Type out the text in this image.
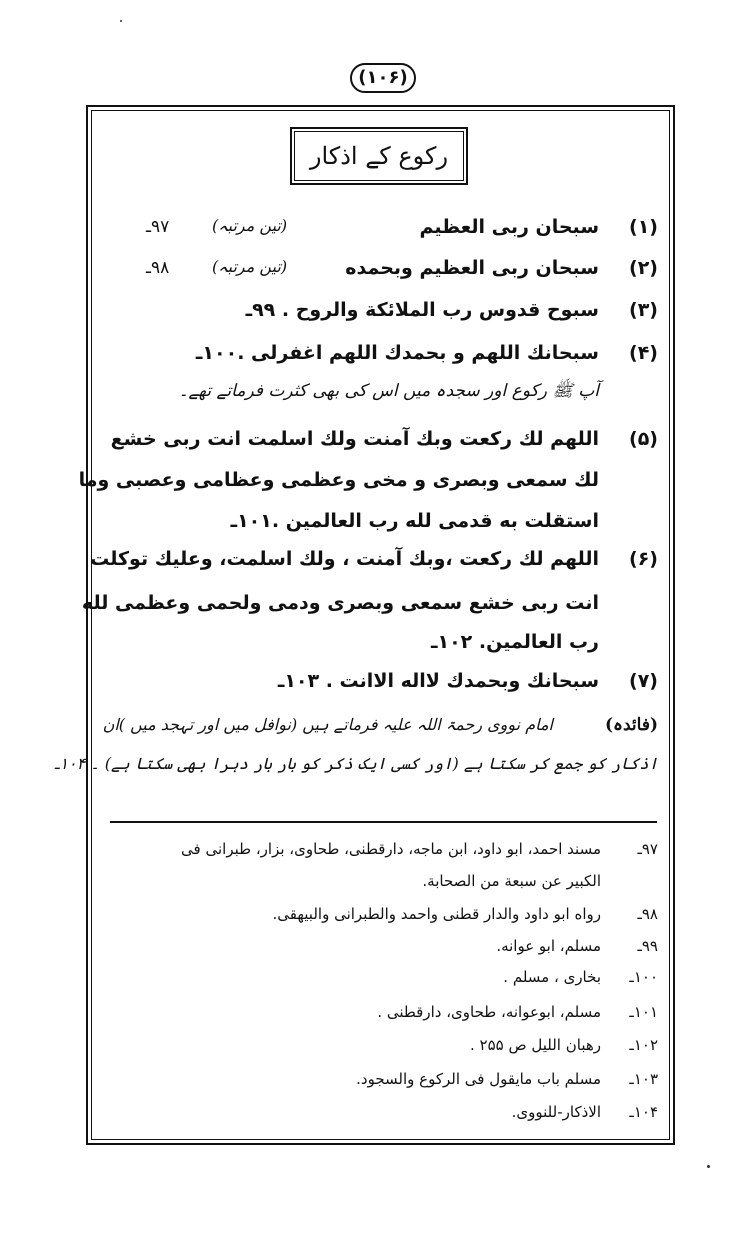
(۱۰۶)
رکوع کے اذکار
(۱)
سبحان ربی العظیم
(تین مرتبہ)
۹۷ـ
(۲)
سبحان ربی العظیم وبحمده
(تین مرتبہ)
۹۸ـ
(۳)
سبوح قدوس رب الملائكة والروح . ۹۹ـ
(۴)
سبحانك اللهم و بحمدك اللهم اغفرلی .۱۰۰ـ
آپ ﷺ رکوع اور سجدہ میں اس کی بھی کثرت فرماتے تھے۔
(۵)
اللهم لك ركعت وبك آمنت ولك اسلمت انت ربی خشع
لك سمعی وبصری و مخی وعظمی وعظامی وعصبی وما
استقلت به قدمی لله رب العالمين .۱۰۱ـ
(۶)
اللهم لك ركعت ،وبك آمنت ، ولك اسلمت، وعليك توكلت
انت ربی خشع سمعی وبصری ودمی ولحمی وعظمی لله
رب العالمين. ۱۰۲ـ
(۷)
سبحانك وبحمدك لااله الاانت . ۱۰۳ـ
(فائدہ)
امام نووی رحمۃ اللہ علیہ فرماتے ہیں (نوافل میں اور تہجد میں )ان
اذکار کو جمع کر سکتا ہے (اور کسی ایک ذکر کو بار بار دہرا بھی سکتا ہے) ۔ ۱۰۴ـ
۹۷ـ
مسند احمد، ابو داود، ابن ماجه، دارقطنی، طحاوی، بزار، طبرانی فی
الكبير عن سبعة من الصحابة.
۹۸ـ
رواه ابو داود والدار قطنی واحمد والطبرانی والبيهقی.
۹۹ـ
مسلم، ابو عوانه.
۱۰۰ـ
بخاری ، مسلم .
۱۰۱ـ
مسلم، ابوعوانه، طحاوی، دارقطنی .
۱۰۲ـ
رهبان الليل ص ۲۵۵ .
۱۰۳ـ
مسلم باب مايقول فی الركوع والسجود.
۱۰۴ـ
الاذكار-للنووی.
